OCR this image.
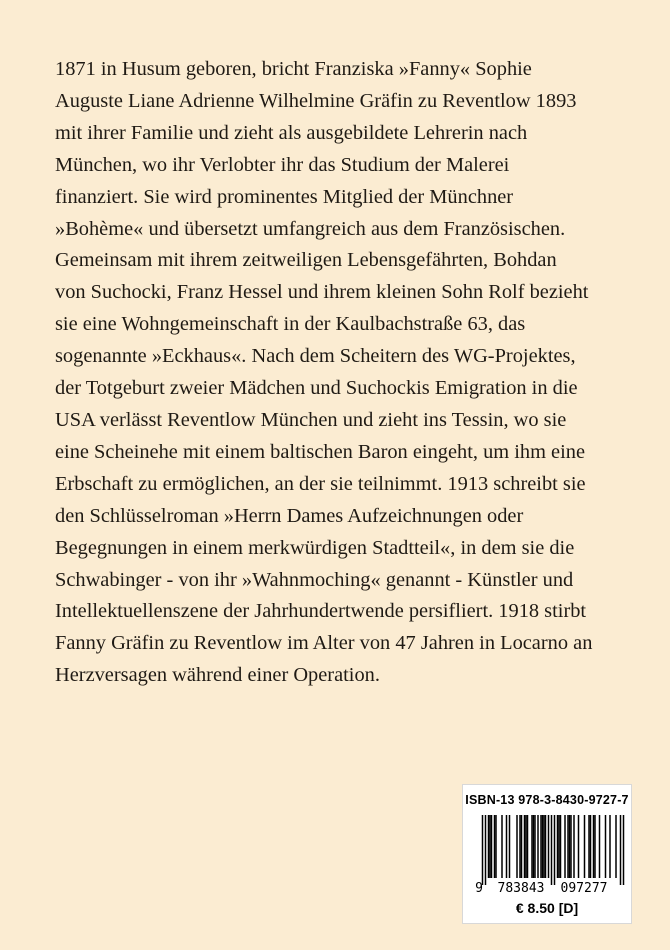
1871 in Husum geboren, bricht Franziska »Fanny« Sophie
Auguste Liane Adrienne Wilhelmine Gräfin zu Reventlow 1893
mit ihrer Familie und zieht als ausgebildete Lehrerin nach
München, wo ihr Verlobter ihr das Studium der Malerei
finanziert. Sie wird prominentes Mitglied der Münchner
»Bohème« und übersetzt umfangreich aus dem Französischen.
Gemeinsam mit ihrem zeitweiligen Lebensgefährten, Bohdan
von Suchocki, Franz Hessel und ihrem kleinen Sohn Rolf bezieht
sie eine Wohngemeinschaft in der Kaulbachstraße 63, das
sogenannte »Eckhaus«. Nach dem Scheitern des WG-Projektes,
der Totgeburt zweier Mädchen und Suchockis Emigration in die
USA verlässt Reventlow München und zieht ins Tessin, wo sie
eine Scheinehe mit einem baltischen Baron eingeht, um ihm eine
Erbschaft zu ermöglichen, an der sie teilnimmt. 1913 schreibt sie
den Schlüsselroman »Herrn Dames Aufzeichnungen oder
Begegnungen in einem merkwürdigen Stadtteil«, in dem sie die
Schwabinger - von ihr »Wahnmoching« genannt - Künstler und
Intellektuellenszene der Jahrhundertwende persifliert. 1918 stirbt
Fanny Gräfin zu Reventlow im Alter von 47 Jahren in Locarno an
Herzversagen während einer Operation.
ISBN-13 978-3-8430-9727-7
9 783843 097277
€ 8.50 [D]
